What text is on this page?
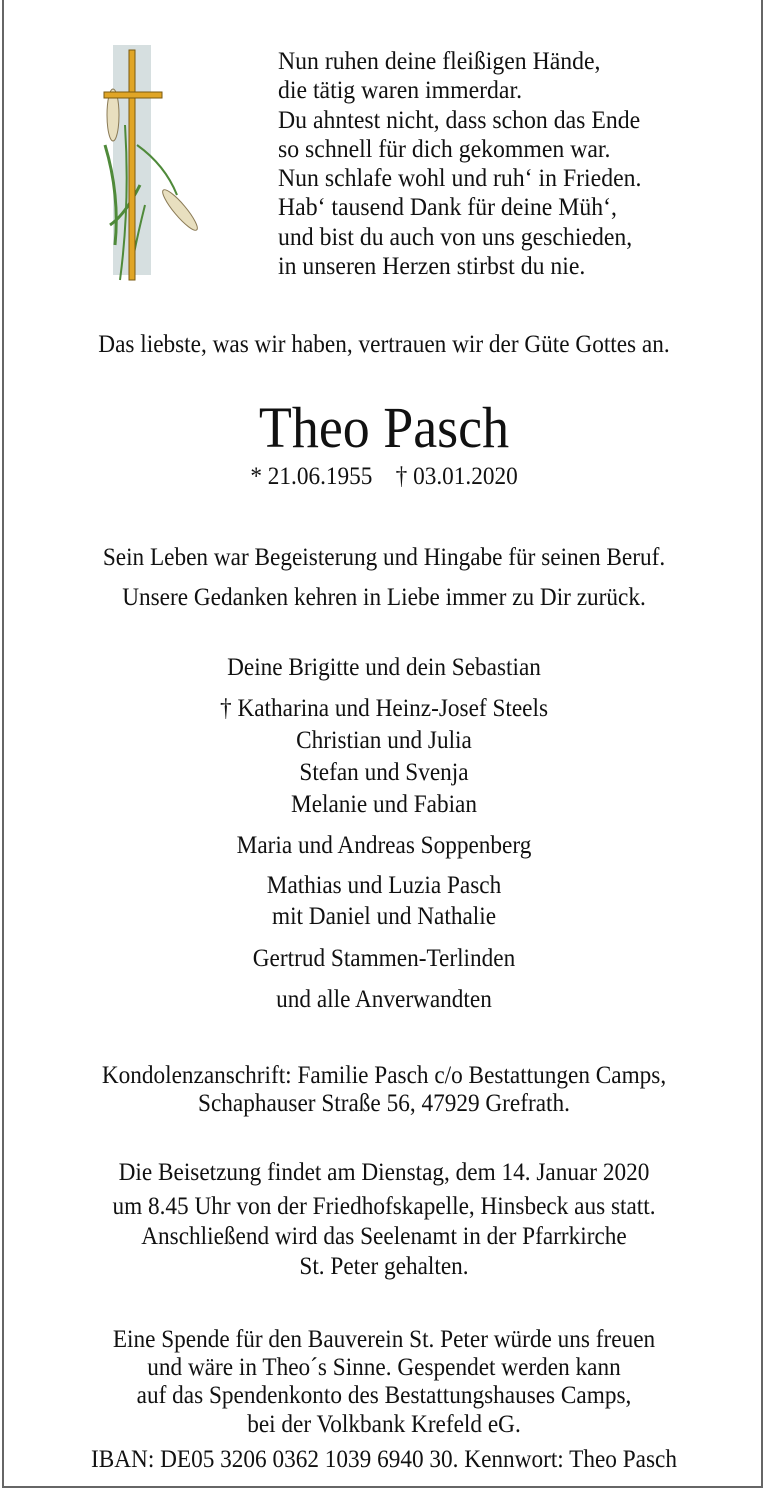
Nun ruhen deine fleißigen Hände,
die tätig waren immerdar.
Du ahntest nicht, dass schon das Ende
so schnell für dich gekommen war.
Nun schlafe wohl und ruh‘ in Frieden.
Hab‘ tausend Dank für deine Müh‘,
und bist du auch von uns geschieden,
in unseren Herzen stirbst du nie.
Das liebste, was wir haben, vertrauen wir der Güte Gottes an.
Theo Pasch
* 21.06.1955    † 03.01.2020
Sein Leben war Begeisterung und Hingabe für seinen Beruf.
Unsere Gedanken kehren in Liebe immer zu Dir zurück.
Deine Brigitte und dein Sebastian
† Katharina und Heinz-Josef Steels
Christian und Julia
Stefan und Svenja
Melanie und Fabian
Maria und Andreas Soppenberg
Mathias und Luzia Pasch
mit Daniel und Nathalie
Gertrud Stammen-Terlinden
und alle Anverwandten
Kondolenzanschrift: Familie Pasch c/o Bestattungen Camps,
Schaphauser Straße 56, 47929 Grefrath.
Die Beisetzung findet am Dienstag, dem 14. Januar 2020
um 8.45 Uhr von der Friedhofskapelle, Hinsbeck aus statt.
Anschließend wird das Seelenamt in der Pfarrkirche
St. Peter gehalten.
Eine Spende für den Bauverein St. Peter würde uns freuen
und wäre in Theo´s Sinne. Gespendet werden kann
auf das Spendenkonto des Bestattungshauses Camps,
bei der Volkbank Krefeld eG.
IBAN: DE05 3206 0362 1039 6940 30. Kennwort: Theo Pasch
